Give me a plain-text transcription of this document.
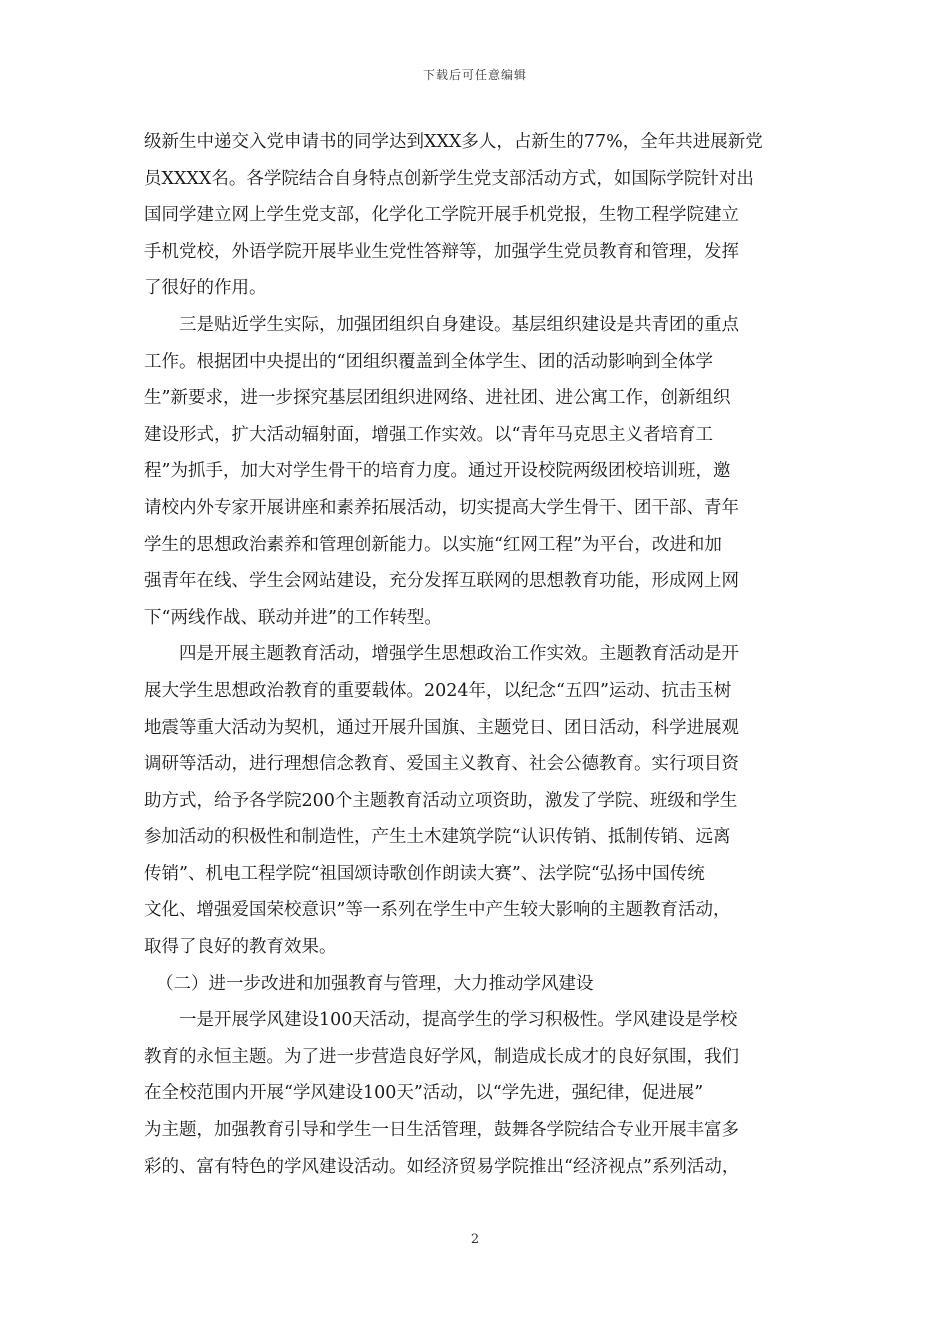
下载后可任意编辑
级新生中递交入党申请书的同学达到XXX多人，占新生的77%，全年共进展新党
员XXXX名。各学院结合自身特点创新学生党支部活动方式，如国际学院针对出
国同学建立网上学生党支部，化学化工学院开展手机党报，生物工程学院建立
手机党校，外语学院开展毕业生党性答辩等，加强学生党员教育和管理，发挥
了很好的作用。
三是贴近学生实际，加强团组织自身建设。基层组织建设是共青团的重点
工作。根据团中央提出的“团组织覆盖到全体学生、团的活动影响到全体学
生”新要求，进一步探究基层团组织进网络、进社团、进公寓工作，创新组织
建设形式，扩大活动辐射面，增强工作实效。以“青年马克思主义者培育工
程”为抓手，加大对学生骨干的培育力度。通过开设校院两级团校培训班，邀
请校内外专家开展讲座和素养拓展活动，切实提高大学生骨干、团干部、青年
学生的思想政治素养和管理创新能力。以实施“红网工程”为平台，改进和加
强青年在线、学生会网站建设，充分发挥互联网的思想教育功能，形成网上网
下“两线作战、联动并进”的工作转型。
四是开展主题教育活动，增强学生思想政治工作实效。主题教育活动是开
展大学生思想政治教育的重要载体。2024年，以纪念“五四”运动、抗击玉树
地震等重大活动为契机，通过开展升国旗、主题党日、团日活动，科学进展观
调研等活动，进行理想信念教育、爱国主义教育、社会公德教育。实行项目资
助方式，给予各学院200个主题教育活动立项资助，激发了学院、班级和学生
参加活动的积极性和制造性，产生土木建筑学院“认识传销、抵制传销、远离
传销”、机电工程学院“祖国颂诗歌创作朗读大赛”、法学院“弘扬中国传统
文化、增强爱国荣校意识”等一系列在学生中产生较大影响的主题教育活动，
取得了良好的教育效果。
（二）进一步改进和加强教育与管理，大力推动学风建设
一是开展学风建设100天活动，提高学生的学习积极性。学风建设是学校
教育的永恒主题。为了进一步营造良好学风，制造成长成才的良好氛围，我们
在全校范围内开展“学风建设100天”活动，以“学先进，强纪律，促进展”
为主题，加强教育引导和学生一日生活管理，鼓舞各学院结合专业开展丰富多
彩的、富有特色的学风建设活动。如经济贸易学院推出“经济视点”系列活动，
2
